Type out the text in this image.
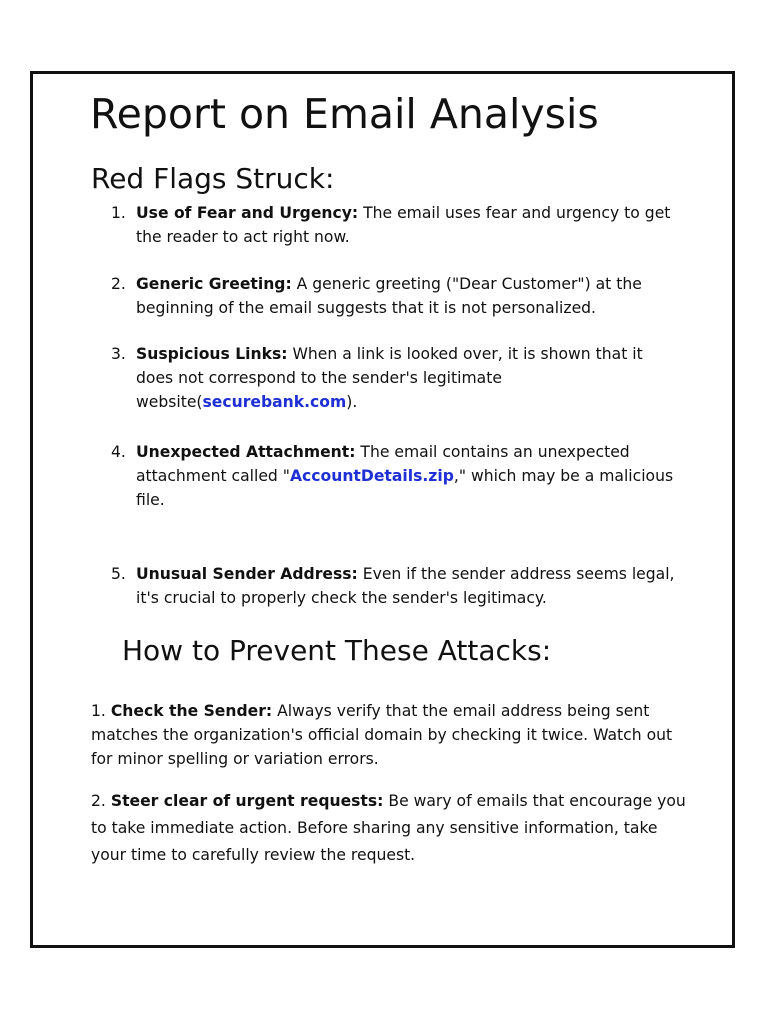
Report on Email Analysis
Red Flags Struck:
1. Use of Fear and Urgency: The email uses fear and urgency to get the reader to act right now.
2. Generic Greeting: A generic greeting ("Dear Customer") at the beginning of the email suggests that it is not personalized.
3. Suspicious Links: When a link is looked over, it is shown that it does not correspond to the sender's legitimate website(securebank.com).
4. Unexpected Attachment: The email contains an unexpected attachment called "AccountDetails.zip," which may be a malicious file.
5. Unusual Sender Address: Even if the sender address seems legal, it's crucial to properly check the sender's legitimacy.
How to Prevent These Attacks:
1. Check the Sender: Always verify that the email address being sent matches the organization's official domain by checking it twice. Watch out for minor spelling or variation errors.
2. Steer clear of urgent requests: Be wary of emails that encourage you to take immediate action. Before sharing any sensitive information, take your time to carefully review the request.
